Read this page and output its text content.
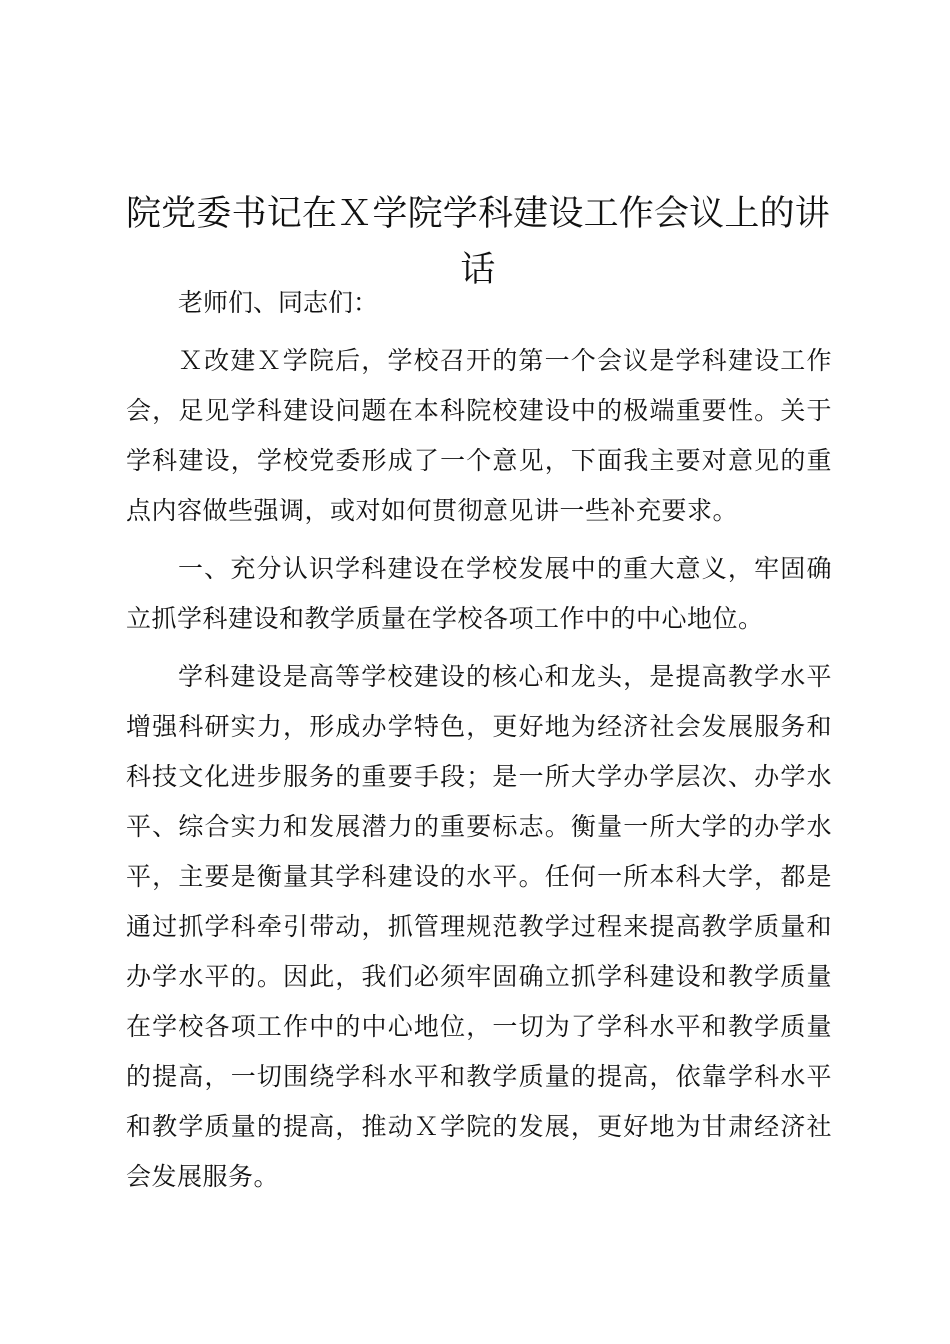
院党委书记在Ｘ学院学科建设工作会议上的讲话

老师们、同志们：

Ｘ改建Ｘ学院后，学校召开的第一个会议是学科建设工作会，足见学科建设问题在本科院校建设中的极端重要性。关于学科建设，学校党委形成了一个意见，下面我主要对意见的重点内容做些强调，或对如何贯彻意见讲一些补充要求。

一、充分认识学科建设在学校发展中的重大意义，牢固确立抓学科建设和教学质量在学校各项工作中的中心地位。

学科建设是高等学校建设的核心和龙头，是提高教学水平增强科研实力，形成办学特色，更好地为经济社会发展服务和科技文化进步服务的重要手段；是一所大学办学层次、办学水平、综合实力和发展潜力的重要标志。衡量一所大学的办学水平，主要是衡量其学科建设的水平。任何一所本科大学，都是通过抓学科牵引带动，抓管理规范教学过程来提高教学质量和办学水平的。因此，我们必须牢固确立抓学科建设和教学质量在学校各项工作中的中心地位，一切为了学科水平和教学质量的提高，一切围绕学科水平和教学质量的提高，依靠学科水平和教学质量的提高，推动Ｘ学院的发展，更好地为甘肃经济社会发展服务。
